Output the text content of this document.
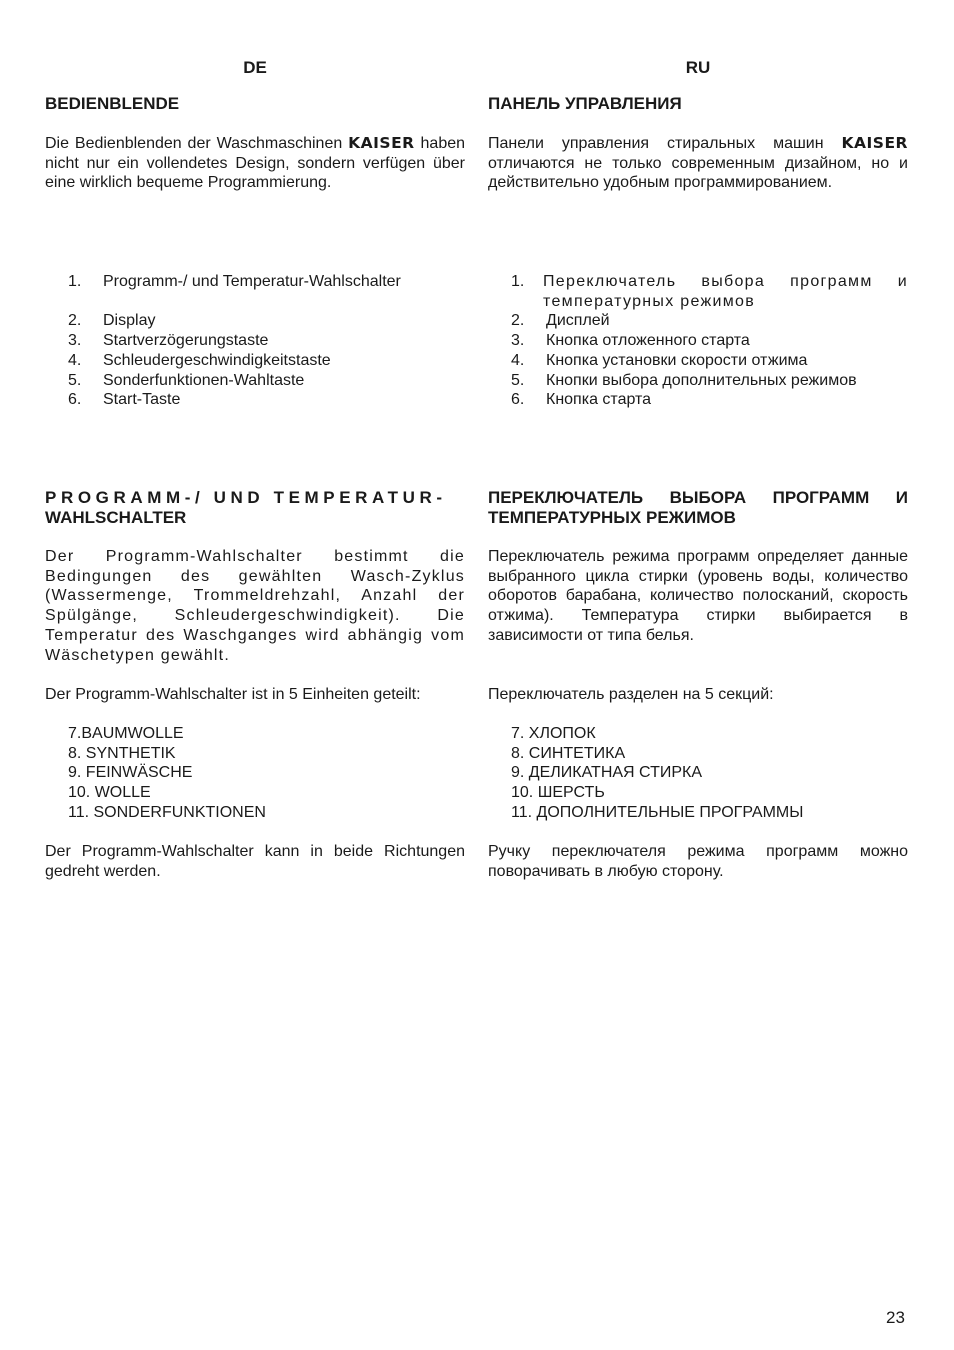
DE
BEDIENBLENDE
Die Bedienblenden der Waschmaschinen KAISER haben nicht nur ein vollendetes Design, sondern verfügen über eine wirklich bequeme Programmierung.
1. Programm-/ und Temperatur-Wahlschalter
2. Display
3. Startverzögerungstaste
4. Schleudergeschwindigkeitstaste
5. Sonderfunktionen-Wahltaste
6. Start-Taste
PROGRAMM-/ UND TEMPERATUR-
WAHLSCHALTER
Der Programm-Wahlschalter bestimmt die Bedingungen des gewählten Wasch-Zyklus (Wassermenge, Trommeldrehzahl, Anzahl der Spülgänge, Schleudergeschwindigkeit). Die Temperatur des Waschganges wird abhängig vom Wäschetypen gewählt.
Der Programm-Wahlschalter ist in 5 Einheiten geteilt:
7.BAUMWOLLE
8. SYNTHETIK
9. FEINWÄSCHE
10. WOLLE
11. SONDERFUNKTIONEN
Der Programm-Wahlschalter kann in beide Richtungen gedreht werden.
RU
ПАНЕЛЬ УПРАВЛЕНИЯ
Панели управления стиральных машин KAISER отличаются не только современным дизайном, но и действительно удобным программированием.
1. Переключатель выбора программ и температурных режимов
2. Дисплей
3. Кнопка отложенного старта
4. Кнопка установки скорости отжима
5. Кнопки выбора дополнительных режимов
6. Кнопка старта
ПЕРЕКЛЮЧАТЕЛЬ ВЫБОРА ПРОГРАММ И
ТЕМПЕРАТУРНЫХ РЕЖИМОВ
Переключатель режима программ определяет данные выбранного цикла стирки (уровень воды, количество оборотов барабана, количество полосканий, скорость отжима). Температура стирки выбирается в зависимости от типа белья.
Переключатель разделен на 5 секций:
7. ХЛОПОК
8. СИНТЕТИКА
9. ДЕЛИКАТНАЯ СТИРКА
10. ШЕРСТЬ
11. ДОПОЛНИТЕЛЬНЫЕ ПРОГРАММЫ
Ручку переключателя режима программ можно поворачивать в любую сторону.
23
